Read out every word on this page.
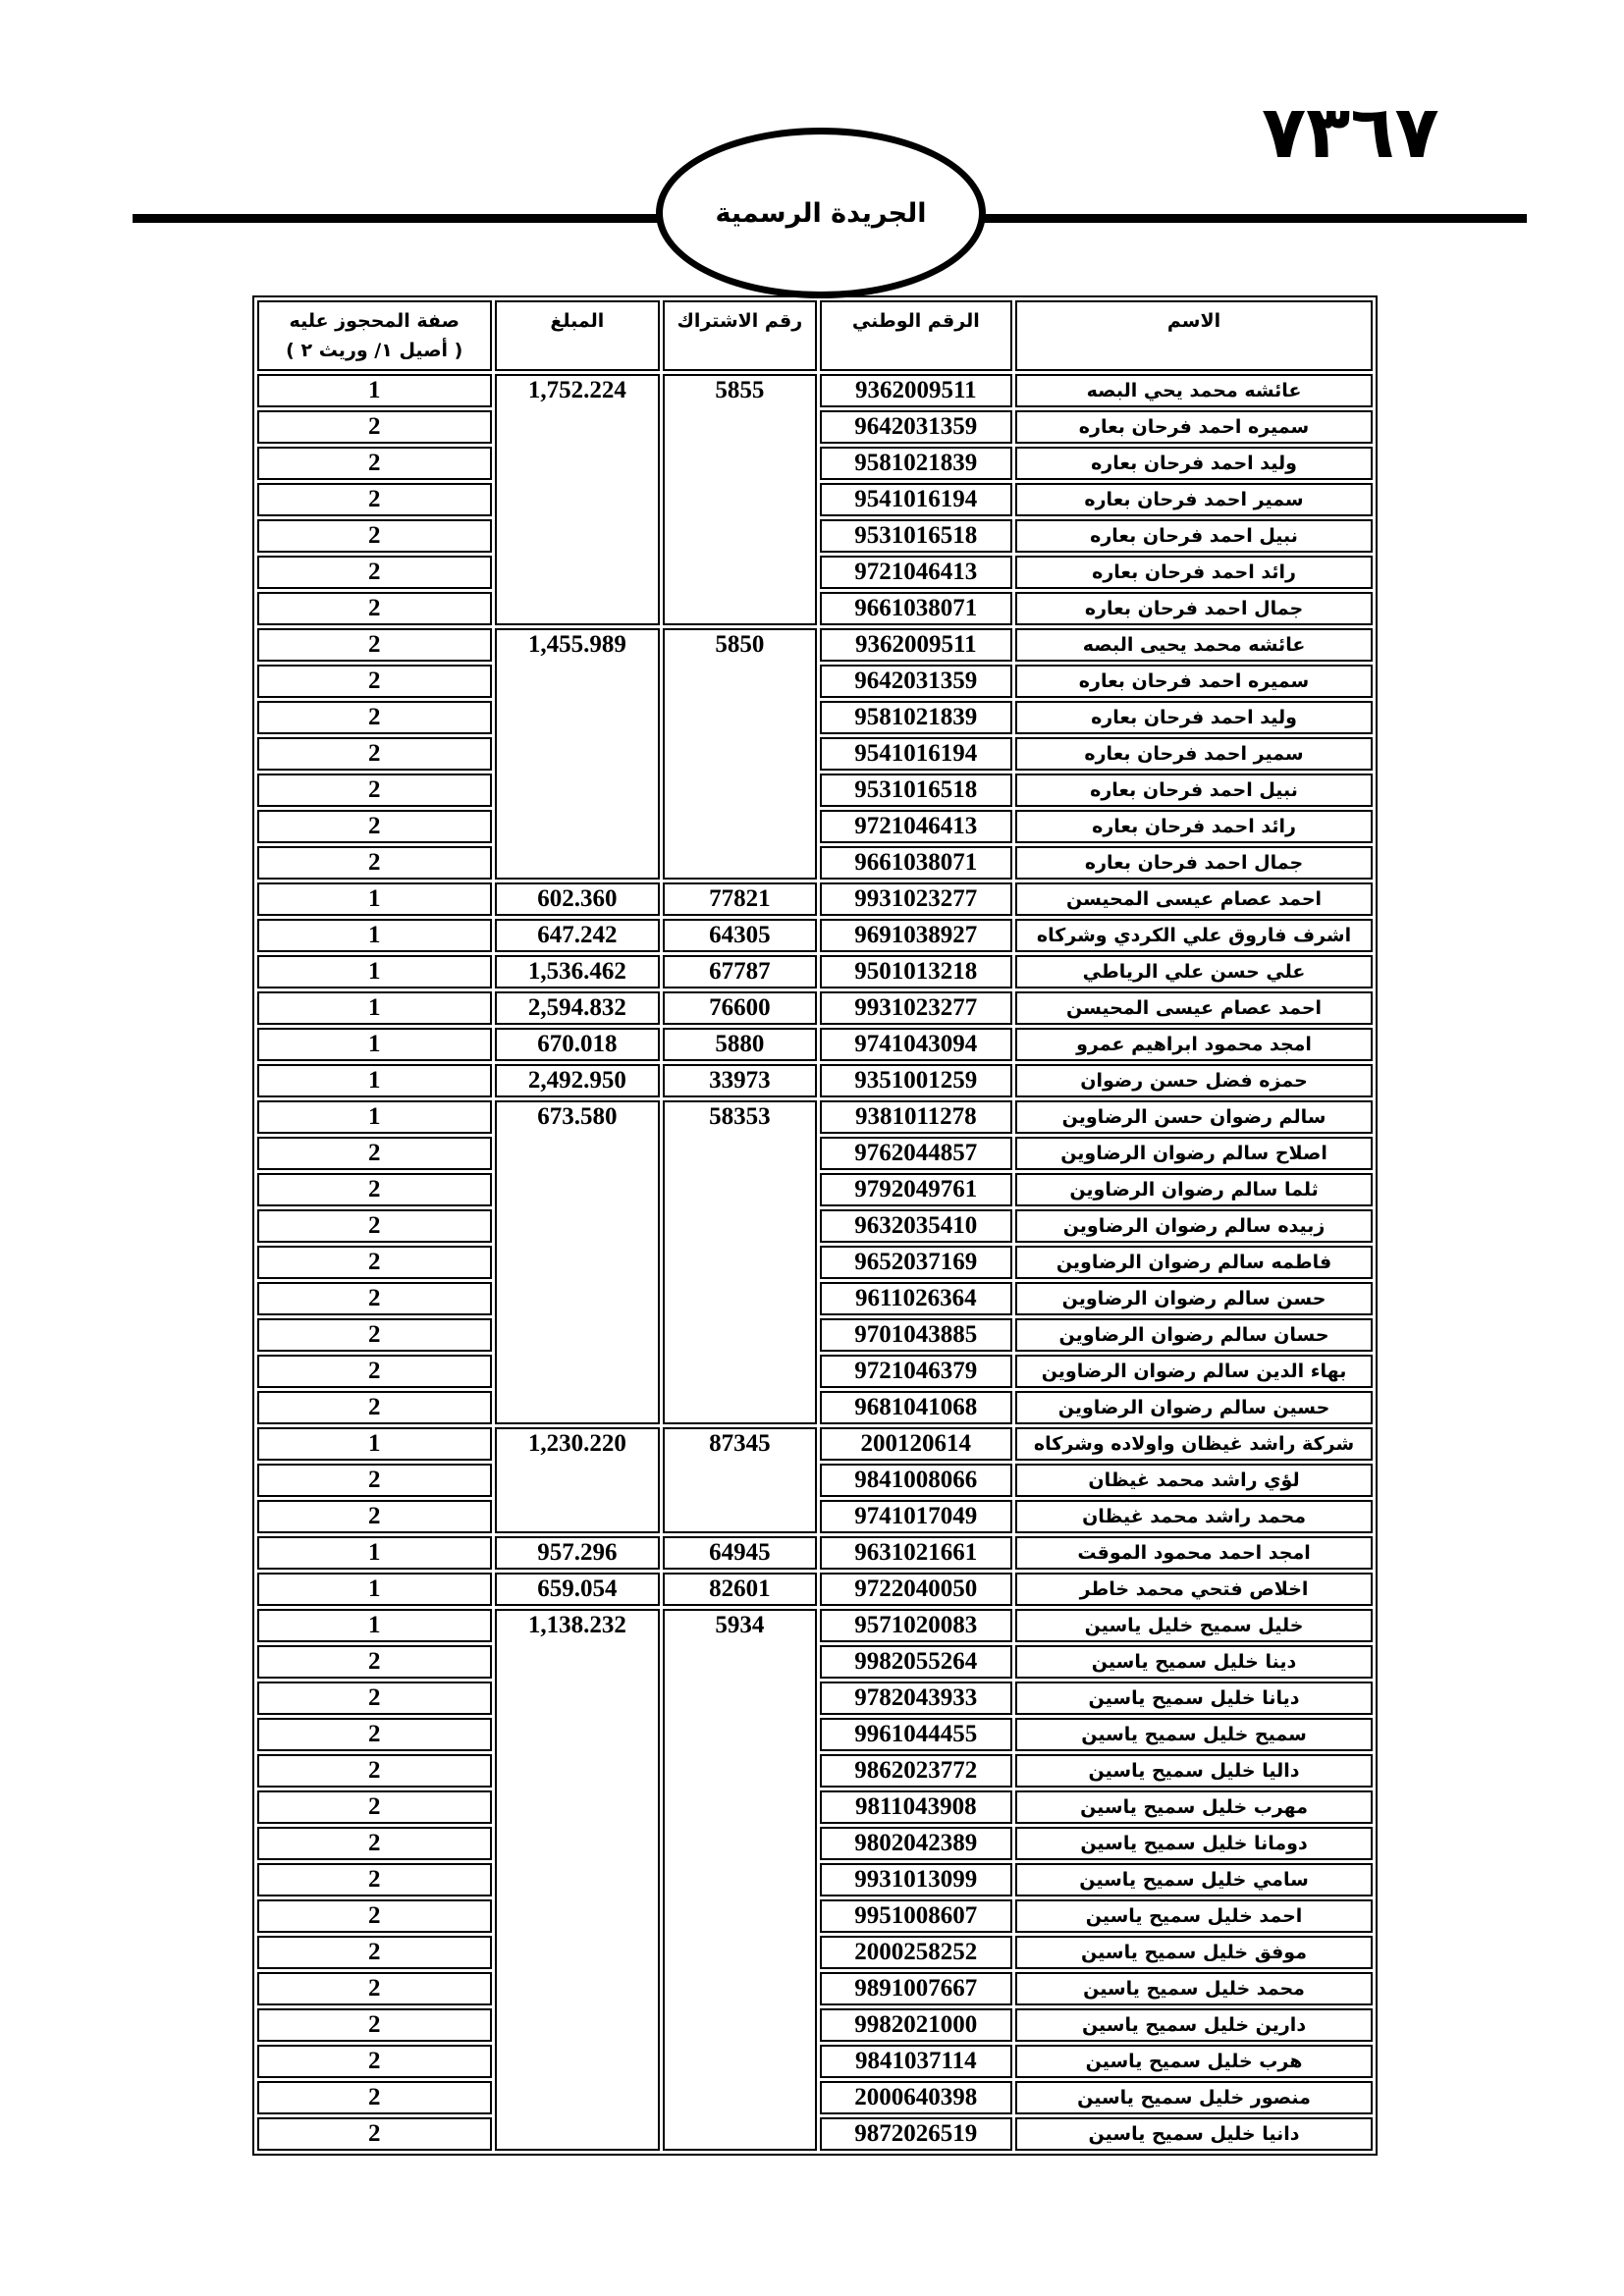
٧٣٦٧
الجريدة الرسمية
الاسم	الرقم الوطني	رقم الاشتراك	المبلغ	صفة المحجوز عليه
( أصيل ١/ وريث ٢ )

عائشه محمد يحي البصه	9362009511	5855	1,752.224	1
سميره احمد فرحان بعاره	9642031359			2
وليد احمد فرحان بعاره	9581021839			2
سمير احمد فرحان بعاره	9541016194			2
نبيل احمد فرحان بعاره	9531016518			2
رائد احمد فرحان بعاره	9721046413			2
جمال احمد فرحان بعاره	9661038071			2
عائشه محمد يحيى البصه	9362009511	5850	1,455.989	2
سميره احمد فرحان بعاره	9642031359			2
وليد احمد فرحان بعاره	9581021839			2
سمير احمد فرحان بعاره	9541016194			2
نبيل احمد فرحان بعاره	9531016518			2
رائد احمد فرحان بعاره	9721046413			2
جمال احمد فرحان بعاره	9661038071			2
احمد عصام عيسى المحيسن	9931023277	77821	602.360	1
اشرف فاروق علي الكردي وشركاه	9691038927	64305	647.242	1
علي حسن علي الرياطي	9501013218	67787	1,536.462	1
احمد عصام عيسى المحيسن	9931023277	76600	2,594.832	1
امجد محمود ابراهيم عمرو	9741043094	5880	670.018	1
حمزه فضل حسن رضوان	9351001259	33973	2,492.950	1
سالم رضوان حسن الرضاوين	9381011278	58353	673.580	1
اصلاح سالم رضوان الرضاوين	9762044857			2
ثلما سالم رضوان الرضاوين	9792049761			2
زبيده سالم رضوان الرضاوين	9632035410			2
فاطمه سالم رضوان الرضاوين	9652037169			2
حسن سالم رضوان الرضاوين	9611026364			2
حسان سالم رضوان الرضاوين	9701043885			2
بهاء الدين سالم رضوان الرضاوين	9721046379			2
حسين سالم رضوان الرضاوين	9681041068			2
شركة راشد غيظان واولاده وشركاه	200120614	87345	1,230.220	1
لؤي راشد محمد غيظان	9841008066			2
محمد راشد محمد غيظان	9741017049			2
امجد احمد محمود الموقت	9631021661	64945	957.296	1
اخلاص فتحي محمد خاطر	9722040050	82601	659.054	1
خليل سميح خليل ياسين	9571020083	5934	1,138.232	1
دينا خليل سميح ياسين	9982055264			2
ديانا خليل سميح ياسين	9782043933			2
سميح خليل سميح ياسين	9961044455			2
داليا خليل سميح ياسين	9862023772			2
مهرب خليل سميح ياسين	9811043908			2
دومانا خليل سميح ياسين	9802042389			2
سامي خليل سميح ياسين	9931013099			2
احمد خليل سميح ياسين	9951008607			2
موفق خليل سميح ياسين	2000258252			2
محمد خليل سميح ياسين	9891007667			2
دارين خليل سميح ياسين	9982021000			2
هرب خليل سميح ياسين	9841037114			2
منصور خليل سميح ياسين	2000640398			2
دانيا خليل سميح ياسين	9872026519			2
